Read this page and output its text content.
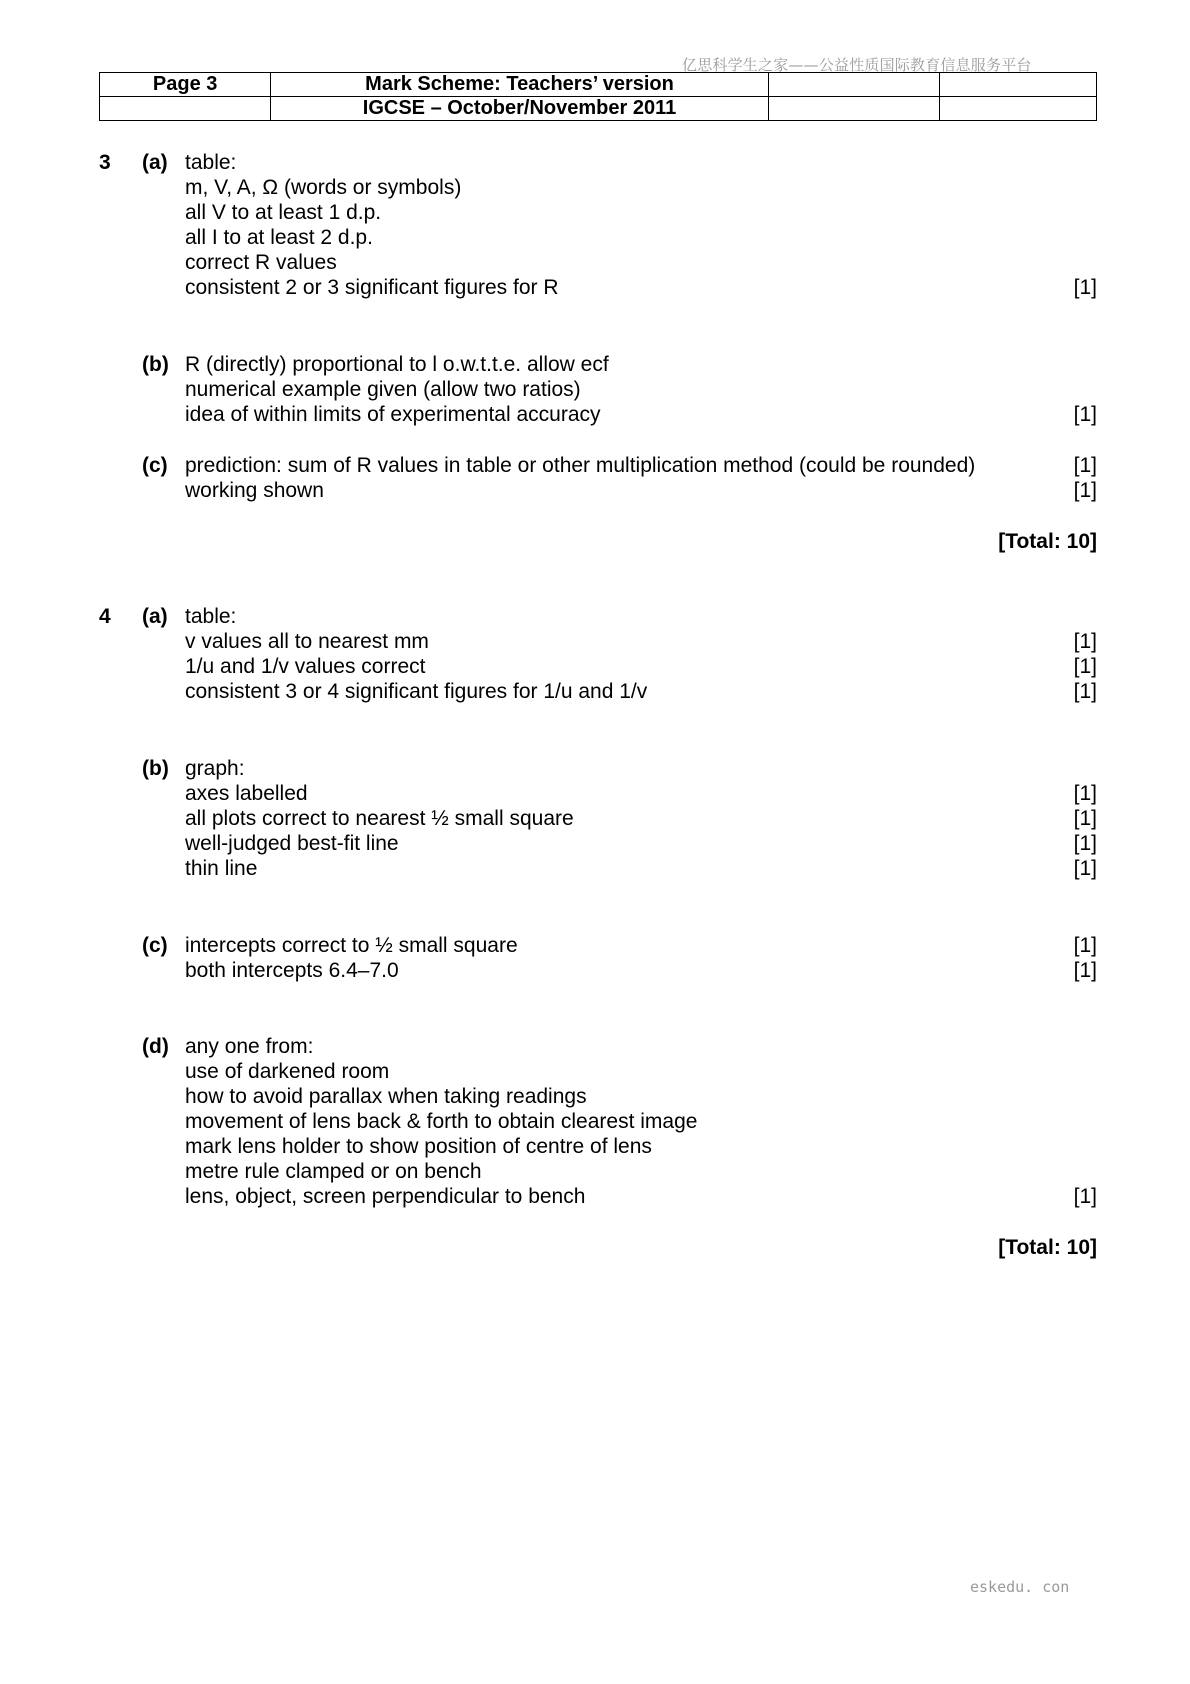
亿思科学生之家——公益性质国际教育信息服务平台
Page 3	Mark Scheme: Teachers’ version		
	IGCSE – October/November 2011		
3 (a) table:
m, V, A, Ω (words or symbols)
all V to at least 1 d.p.
all I to at least 2 d.p.
correct R values
consistent 2 or 3 significant figures for R	[1]
(b) R (directly) proportional to l o.w.t.t.e. allow ecf
numerical example given (allow two ratios)
idea of within limits of experimental accuracy	[1]
(c) prediction: sum of R values in table or other multiplication method (could be rounded)	[1]
working shown	[1]
[Total: 10]
4 (a) table:
v values all to nearest mm	[1]
1/u and 1/v values correct	[1]
consistent 3 or 4 significant figures for 1/u and 1/v	[1]
(b) graph:
axes labelled	[1]
all plots correct to nearest ½ small square	[1]
well-judged best-fit line	[1]
thin line	[1]
(c) intercepts correct to ½ small square	[1]
both intercepts 6.4–7.0	[1]
(d) any one from:
use of darkened room
how to avoid parallax when taking readings
movement of lens back & forth to obtain clearest image
mark lens holder to show position of centre of lens
metre rule clamped or on bench
lens, object, screen perpendicular to bench	[1]
[Total: 10]
eskedu. con
